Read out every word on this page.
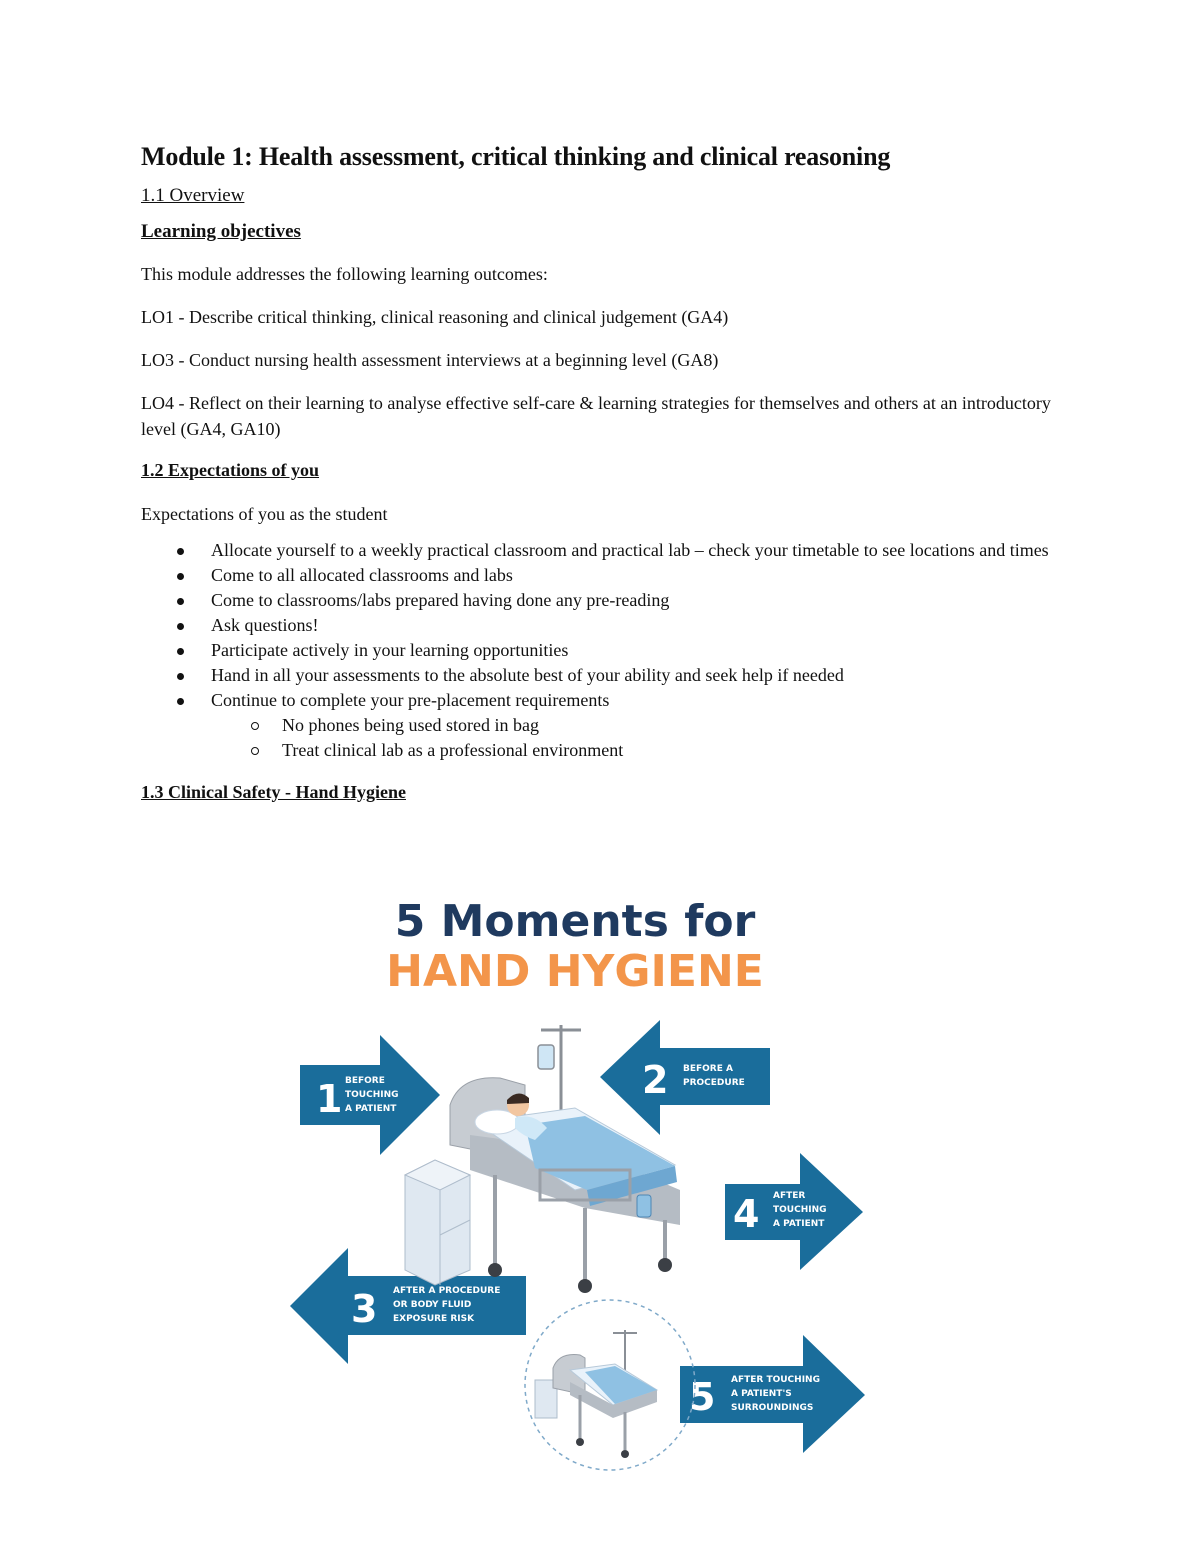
Module 1: Health assessment, critical thinking and clinical reasoning
1.1 Overview
Learning objectives

This module addresses the following learning outcomes:

LO1 - Describe critical thinking, clinical reasoning and clinical judgement (GA4)

LO3 - Conduct nursing health assessment interviews at a beginning level (GA8)

LO4 - Reflect on their learning to analyse effective self-care & learning strategies for themselves and others at an introductory level (GA4, GA10)

1.2 Expectations of you

Expectations of you as the student

Allocate yourself to a weekly practical classroom and practical lab – check your timetable to see locations and times
Come to all allocated classrooms and labs
Come to classrooms/labs prepared having done any pre-reading
Ask questions!
Participate actively in your learning opportunities
Hand in all your assessments to the absolute best of your ability and seek help if needed
Continue to complete your pre-placement requirements
No phones being used stored in bag
Treat clinical lab as a professional environment
1.3 Clinical Safety - Hand Hygiene
5 Moments for
HAND HYGIENE
1 BEFORE
TOUCHING
A PATIENT
2 BEFORE A
PROCEDURE
3 AFTER A PROCEDURE
OR BODY FLUID
EXPOSURE RISK
4 AFTER
TOUCHING
A PATIENT
5 AFTER TOUCHING
A PATIENT'S
SURROUNDINGS
